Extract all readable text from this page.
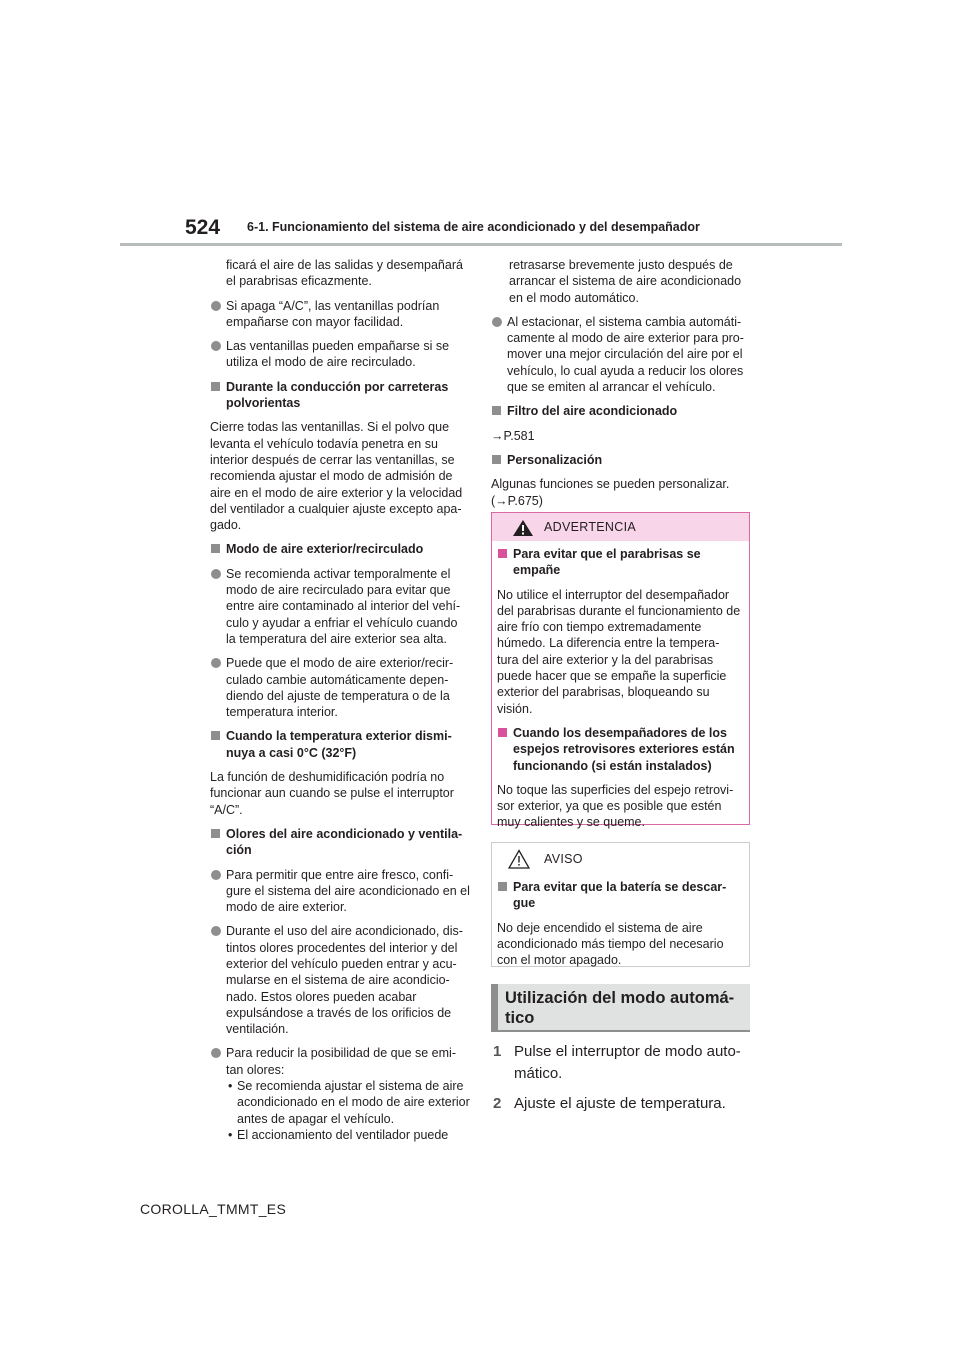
524 6-1. Funcionamiento del sistema de aire acondicionado y del desempañador

ficará el aire de las salidas y desempañará el parabrisas eficazmente.

Si apaga “A/C”, las ventanillas podrían empañarse con mayor facilidad.

Las ventanillas pueden empañarse si se utiliza el modo de aire recirculado.

Durante la conducción por carreteras polvorientas

Cierre todas las ventanillas. Si el polvo que levanta el vehículo todavía penetra en su interior después de cerrar las ventanillas, se recomienda ajustar el modo de admisión de aire en el modo de aire exterior y la velocidad del ventilador a cualquier ajuste excepto apa- gado.

Modo de aire exterior/recirculado

Se recomienda activar temporalmente el modo de aire recirculado para evitar que entre aire contaminado al interior del vehí- culo y ayudar a enfriar el vehículo cuando la temperatura del aire exterior sea alta.

Puede que el modo de aire exterior/recir- culado cambie automáticamente depen- diendo del ajuste de temperatura o de la temperatura interior.

Cuando la temperatura exterior dismi- nuya a casi 0°C (32°F)

La función de deshumidificación podría no funcionar aun cuando se pulse el interruptor “A/C”.

Olores del aire acondicionado y ventila- ción

Para permitir que entre aire fresco, confi- gure el sistema del aire acondicionado en el modo de aire exterior.

Durante el uso del aire acondicionado, dis- tintos olores procedentes del interior y del exterior del vehículo pueden entrar y acu- mularse en el sistema de aire acondicio- nado. Estos olores pueden acabar expulsándose a través de los orificios de ventilación.

Para reducir la posibilidad de que se emi- tan olores:

• Se recomienda ajustar el sistema de aire acondicionado en el modo de aire exterior antes de apagar el vehículo.

• El accionamiento del ventilador puede

retrasarse brevemente justo después de arrancar el sistema de aire acondicionado en el modo automático.

Al estacionar, el sistema cambia automáti- camente al modo de aire exterior para pro- mover una mejor circulación del aire por el vehículo, lo cual ayuda a reducir los olores que se emiten al arrancar el vehículo.

Filtro del aire acondicionado

→P.581

Personalización

Algunas funciones se pueden personalizar. (→P.675)

ADVERTENCIA

Para evitar que el parabrisas se empañe

No utilice el interruptor del desempañador del parabrisas durante el funcionamiento de aire frío con tiempo extremadamente húmedo. La diferencia entre la tempera- tura del aire exterior y la del parabrisas puede hacer que se empañe la superficie exterior del parabrisas, bloqueando su visión.

Cuando los desempañadores de los espejos retrovisores exteriores están funcionando (si están instalados)

No toque las superficies del espejo retrovi- sor exterior, ya que es posible que estén muy calientes y se queme.

AVISO

Para evitar que la batería se descar- gue

No deje encendido el sistema de aire acondicionado más tiempo del necesario con el motor apagado.

Utilización del modo automá- tico
1 Pulse el interruptor de modo auto- mático.
2 Ajuste el ajuste de temperatura.
COROLLA_TMMT_ES
